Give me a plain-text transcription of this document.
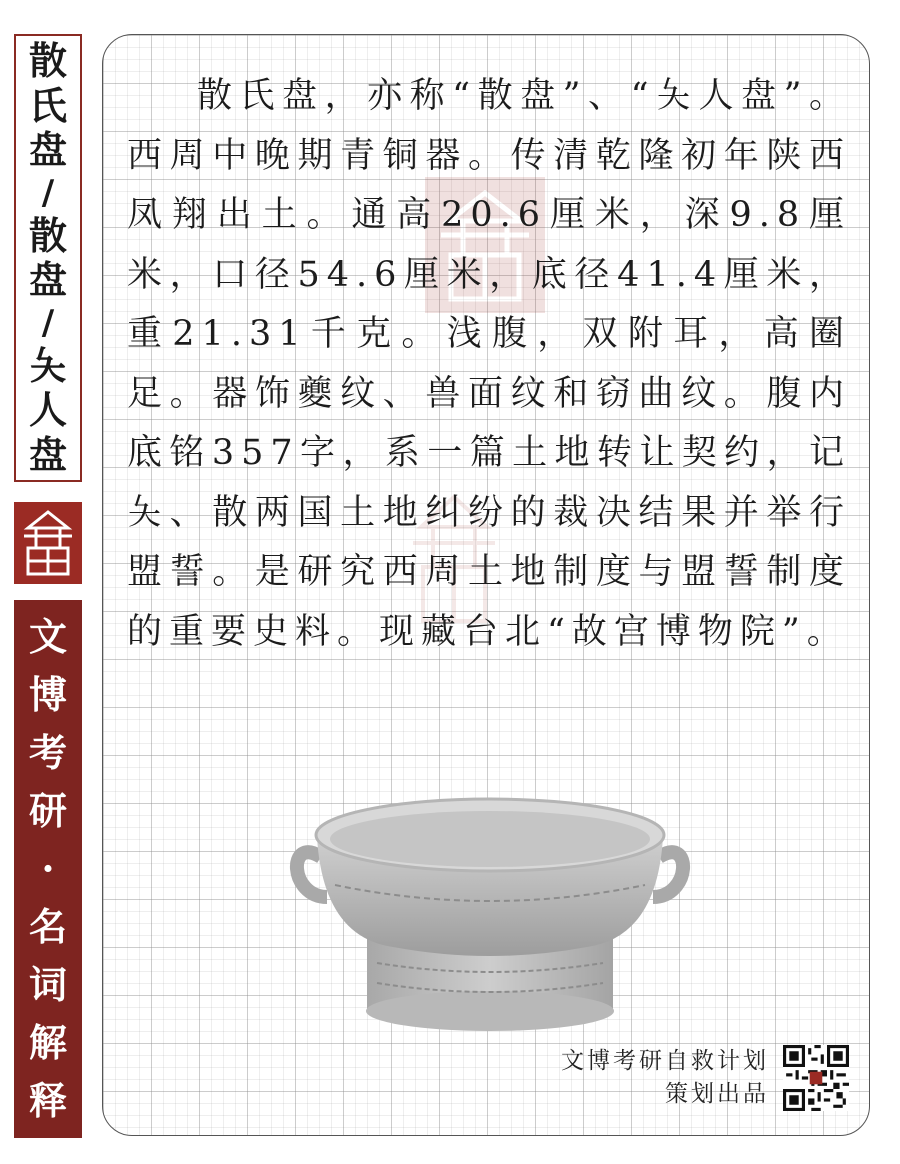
散
氏
盘
/
散
盘
/
夨
人
盘
文
博
考
研
·
名
词
解
释

散氏盘，亦称“散盘”、“夨人盘”。西周中晚期青铜器。传清乾隆初年陕西凤翔出土。通高20.6厘米，深9.8厘米，口径54.6厘米，底径41.4厘米，重21.31千克。浅腹，双附耳，高圈足。器饰夔纹、兽面纹和窃曲纹。腹内底铭357字，系一篇土地转让契约，记夨、散两国土地纠纷的裁决结果并举行盟誓。是研究西周土地制度与盟誓制度的重要史料。现藏台北“故宫博物院”。

文博考研自救计划
策划出品
